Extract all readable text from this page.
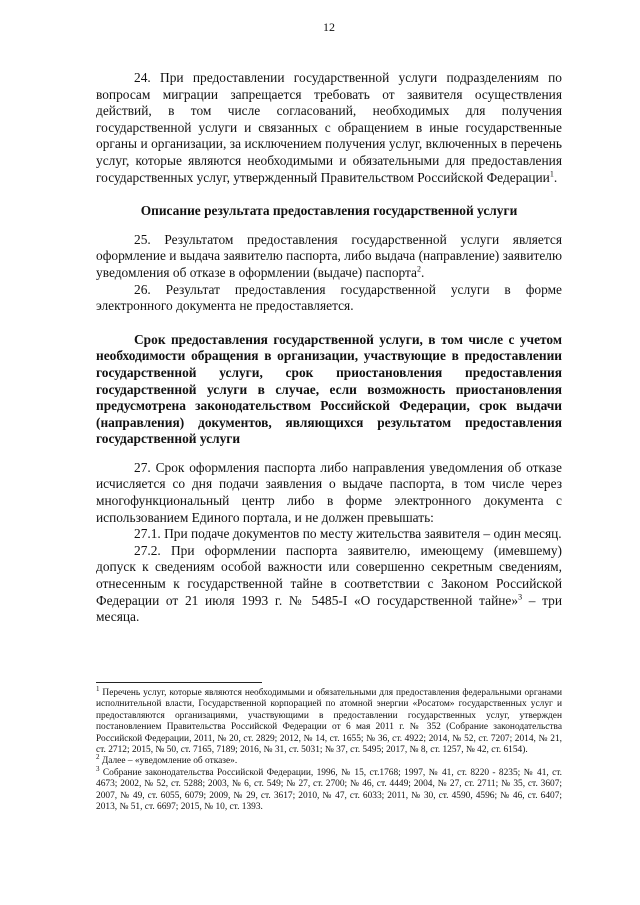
12

24. При предоставлении государственной услуги подразделениям по вопросам миграции запрещается требовать от заявителя осуществления действий, в том числе согласований, необходимых для получения государственной услуги и связанных с обращением в иные государственные органы и организации, за исключением получения услуг, включенных в перечень услуг, которые являются необходимыми и обязательными для предоставления государственных услуг, утвержденный Правительством Российской Федерации$^1$.

Описание результата предоставления государственной услуги

25. Результатом предоставления государственной услуги является оформление и выдача заявителю паспорта, либо выдача (направление) заявителю уведомления об отказе в оформлении (выдаче) паспорта$^2$.

26. Результат предоставления государственной услуги в форме электронного документа не предоставляется.

Срок предоставления государственной услуги, в том числе с учетом необходимости обращения в организации, участвующие в предоставлении государственной услуги, срок приостановления предоставления государственной услуги в случае, если возможность приостановления предусмотрена законодательством Российской Федерации, срок выдачи (направления) документов, являющихся результатом предоставления государственной услуги

27. Срок оформления паспорта либо направления уведомления об отказе исчисляется со дня подачи заявления о выдаче паспорта, в том числе через многофункциональный центр либо в форме электронного документа с использованием Единого портала, и не должен превышать:

27.1. При подаче документов по месту жительства заявителя – один месяц.

27.2. При оформлении паспорта заявителю, имеющему (имевшему) допуск к сведениям особой важности или совершенно секретным сведениям, отнесенным к государственной тайне в соответствии с Законом Российской Федерации от 21 июля 1993 г. № 5485-I «О государственной тайне»$^3$ – три месяца.

$^1$ Перечень услуг, которые являются необходимыми и обязательными для предоставления федеральными органами исполнительной власти, Государственной корпорацией по атомной энергии «Росатом» государственных услуг и предоставляются организациями, участвующими в предоставлении государственных услуг, утвержден постановлением Правительства Российской Федерации от 6 мая 2011 г. № 352 (Собрание законодательства Российской Федерации, 2011, № 20, ст. 2829; 2012, № 14, ст. 1655; № 36, ст. 4922; 2014, № 52, ст. 7207; 2014, № 21, ст. 2712; 2015, № 50, ст. 7165, 7189; 2016, № 31, ст. 5031; № 37, ст. 5495; 2017, № 8, ст. 1257, № 42, ст. 6154).

$^2$ Далее – «уведомление об отказе».

$^3$ Собрание законодательства Российской Федерации, 1996, № 15, ст.1768; 1997, № 41, ст. 8220 - 8235; № 41, ст. 4673; 2002, № 52, ст. 5288; 2003, № 6, ст. 549; № 27, ст. 2700; № 46, ст. 4449; 2004, № 27, ст. 2711; № 35, ст. 3607; 2007, № 49, ст. 6055, 6079; 2009, № 29, ст. 3617; 2010, № 47, ст. 6033; 2011, № 30, ст. 4590, 4596; № 46, ст. 6407; 2013, № 51, ст. 6697; 2015, № 10, ст. 1393.
